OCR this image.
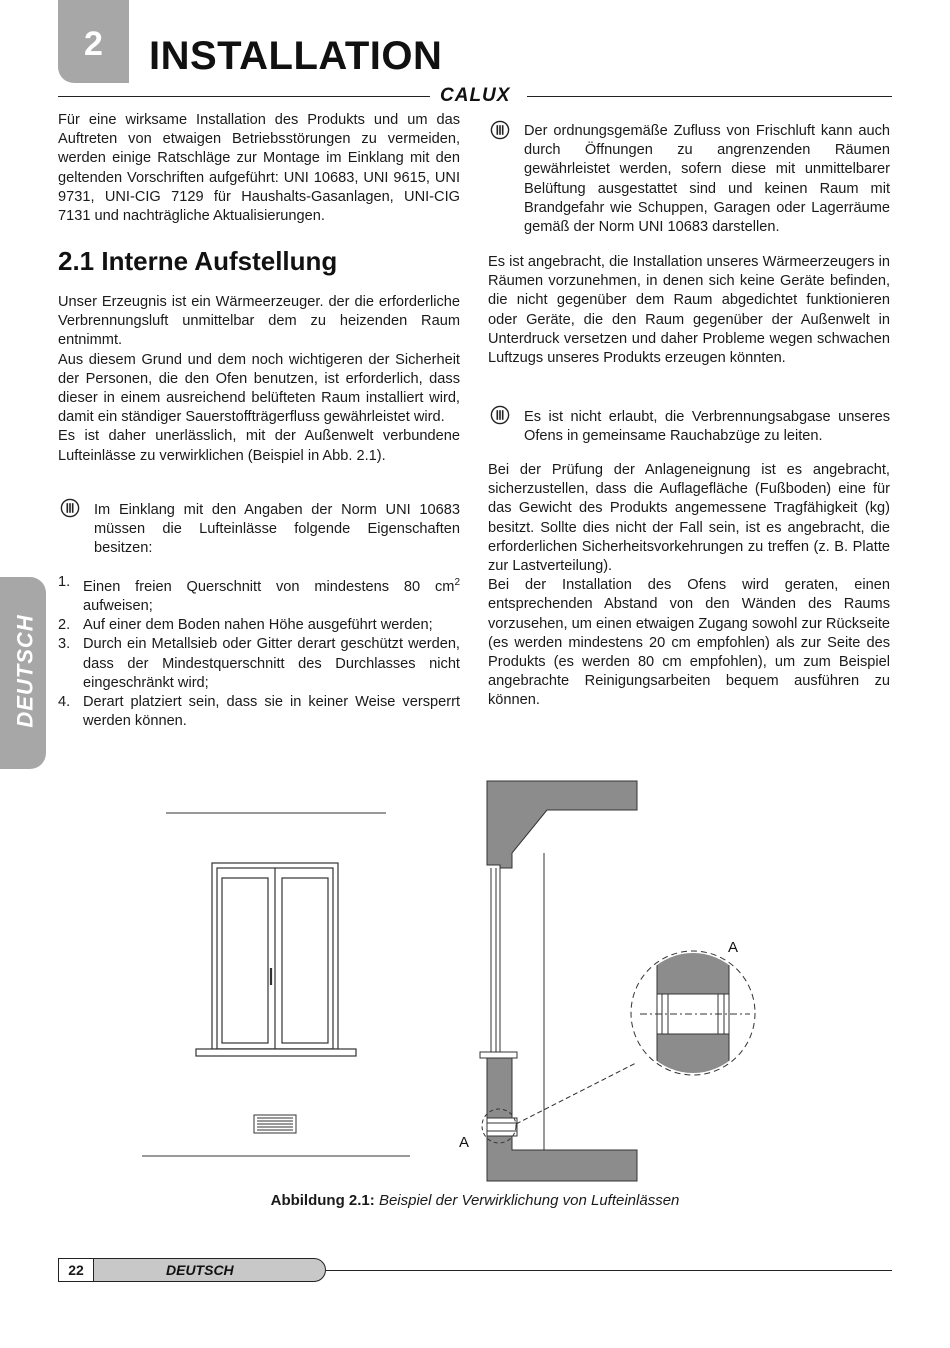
2 INSTALLATION
CALUX
DEUTSCH

Für eine wirksame Installation des Produkts und um das Auftreten von etwaigen Betriebsstörungen zu vermeiden, werden einige Ratschläge zur Montage im Einklang mit den geltenden Vorschriften aufgeführt: UNI 10683, UNI 9615, UNI 9731, UNI-CIG 7129 für Haushalts-Gasanlagen, UNI-CIG 7131 und nachträgliche Aktualisierungen.

2.1 Interne Aufstellung

Unser Erzeugnis ist ein Wärmeerzeuger. der die erforderliche Verbrennungsluft unmittelbar dem zu heizenden Raum entnimmt.

Aus diesem Grund und dem noch wichtigeren der Sicherheit der Personen, die den Ofen benutzen, ist erforderlich, dass dieser in einem ausreichend belüfteten Raum installiert wird, damit ein ständiger Sauerstoffträgerfluss gewährleistet wird.

Es ist daher unerlässlich, mit der Außenwelt verbundene Lufteinlässe zu verwirklichen (Beispiel in Abb. 2.1).

Im Einklang mit den Angaben der Norm UNI 10683 müssen die Lufteinlässe folgende Eigenschaften besitzen:
1. Einen freien Querschnitt von mindestens 80 $cm^2$ aufweisen;
2. Auf einer dem Boden nahen Höhe ausgeführt werden;
3. Durch ein Metallsieb oder Gitter derart geschützt werden, dass der Mindestquerschnitt des Durchlasses nicht eingeschränkt wird;
4. Derart platziert sein, dass sie in keiner Weise versperrt werden können.
Der ordnungsgemäße Zufluss von Frischluft kann auch durch Öffnungen zu angrenzenden Räumen gewährleistet werden, sofern diese mit unmittelbarer Belüftung ausgestattet sind und keinen Raum mit Brandgefahr wie Schuppen, Garagen oder Lagerräume gemäß der Norm UNI 10683 darstellen.
Es ist angebracht, die Installation unseres Wärmeerzeugers in Räumen vorzunehmen, in denen sich keine Geräte befinden, die nicht gegenüber dem Raum abgedichtet funktionieren oder Geräte, die den Raum gegenüber der Außenwelt in Unterdruck versetzen und daher Probleme wegen schwachen Luftzugs unseres Produkts erzeugen könnten.
Es ist nicht erlaubt, die Verbrennungsabgase unseres Ofens in gemeinsame Rauchabzüge zu leiten.

Bei der Prüfung der Anlageneignung ist es angebracht, sicherzustellen, dass die Auflagefläche (Fußboden) eine für das Gewicht des Produkts angemessene Tragfähigkeit (kg) besitzt. Sollte dies nicht der Fall sein, ist es angebracht, die erforderlichen Sicherheitsvorkehrungen zu treffen (z. B. Platte zur Lastverteilung).

Bei der Installation des Ofens wird geraten, einen entsprechenden Abstand von den Wänden des Raums vorzusehen, um einen etwaigen Zugang sowohl zur Rückseite (es werden mindestens 20 cm empfohlen) als zur Seite des Produkts (es werden 80 cm empfohlen), um zum Beispiel angebrachte Reinigungsarbeiten bequem ausführen zu können.

A
A
Abbildung 2.1: Beispiel der Verwirklichung von Lufteinlässen
22	DEUTSCH
